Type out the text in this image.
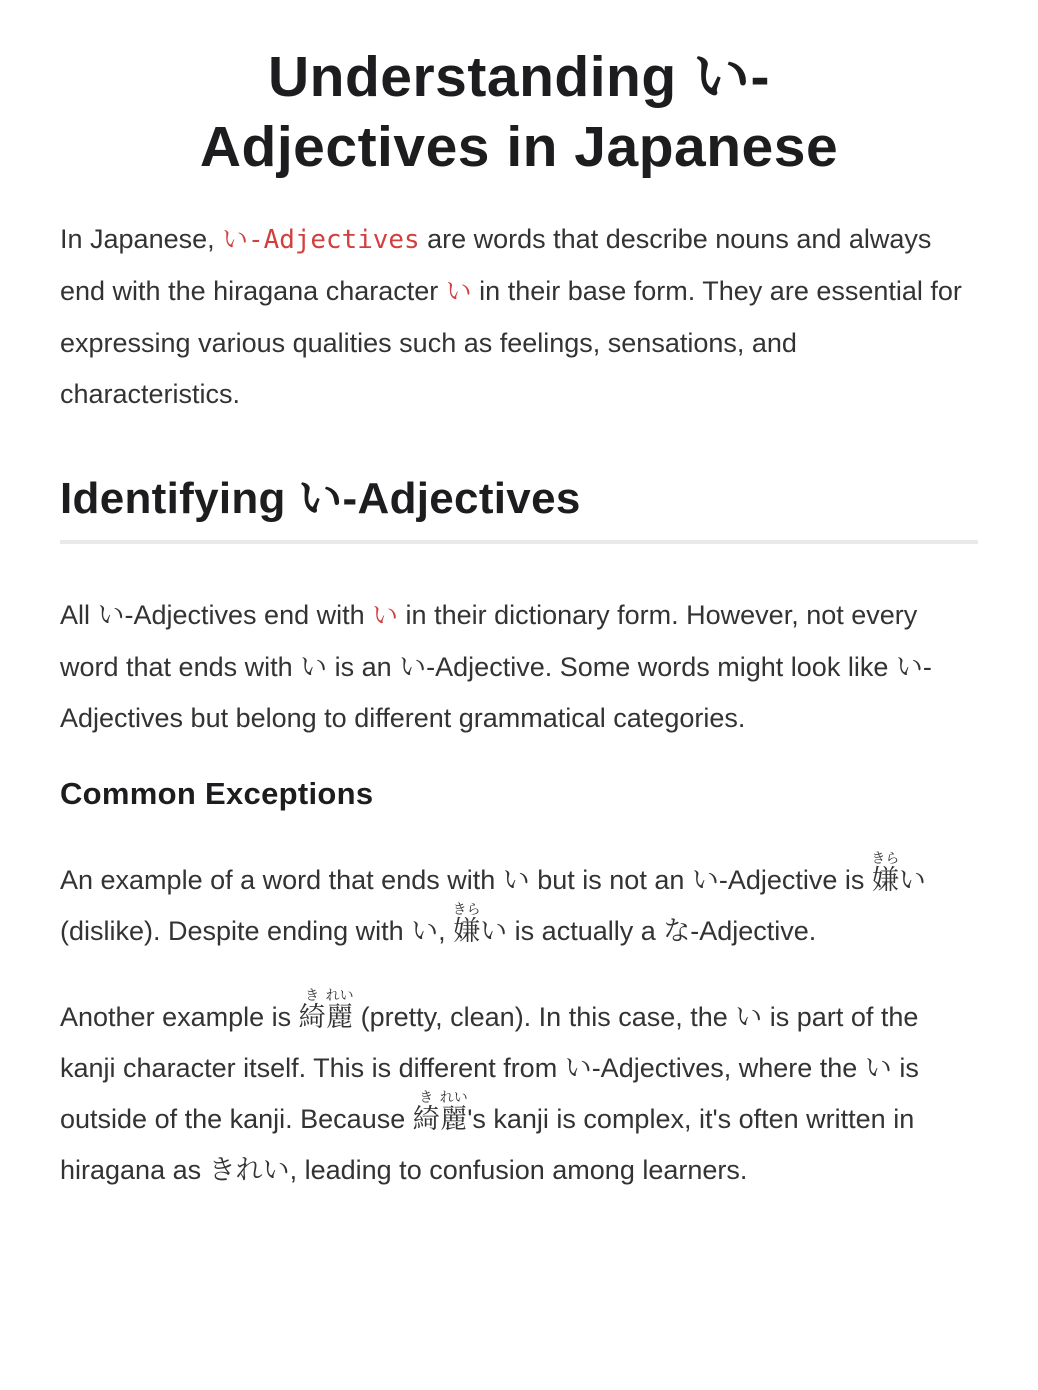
Understanding い-
Adjectives in Japanese

In Japanese, い-Adjectives are words that describe nouns and always end with the hiragana character い in their base form. They are essential for expressing various qualities such as feelings, sensations, and characteristics.

Identifying い-Adjectives

All い-Adjectives end with い in their dictionary form. However, not every word that ends with い is an い-Adjective. Some words might look like い-Adjectives but belong to different grammatical categories.

Common Exceptions

An example of a word that ends with い but is not an い-Adjective is 嫌きらい (dislike). Despite ending with い, 嫌きらい is actually a な-Adjective.

Another example is 綺き麗れい (pretty, clean). In this case, the い is part of the kanji character itself. This is different from い-Adjectives, where the い is outside of the kanji. Because 綺き麗れい's kanji is complex, it's often written in hiragana as きれい, leading to confusion among learners.
